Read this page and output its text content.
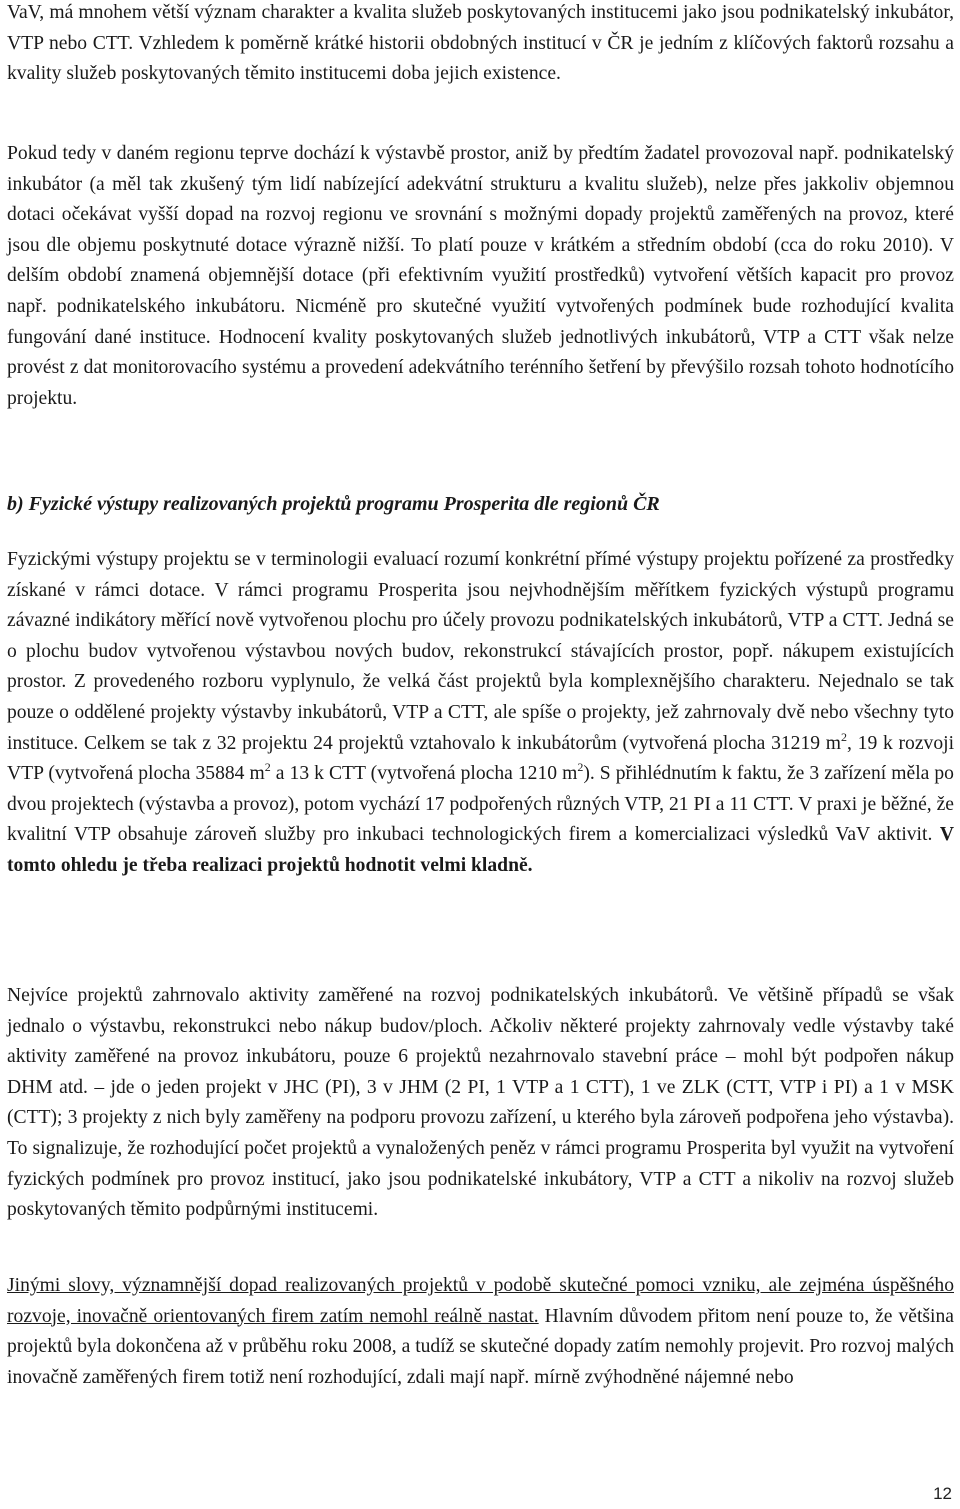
VaV, má mnohem větší význam charakter a kvalita služeb poskytovaných institucemi jako jsou podnikatelský inkubátor, VTP nebo CTT. Vzhledem k poměrně krátké historii obdobných institucí v ČR je jedním z klíčových faktorů rozsahu a kvality služeb poskytovaných těmito institucemi doba jejich existence.

Pokud tedy v daném regionu teprve dochází k výstavbě prostor, aniž by předtím žadatel provozoval např. podnikatelský inkubátor (a měl tak zkušený tým lidí nabízející adekvátní strukturu a kvalitu služeb), nelze přes jakkoliv objemnou dotaci očekávat vyšší dopad na rozvoj regionu ve srovnání s možnými dopady projektů zaměřených na provoz, které jsou dle objemu poskytnuté dotace výrazně nižší. To platí pouze v krátkém a středním období (cca do roku 2010). V delším období znamená objemnější dotace (při efektivním využití prostředků) vytvoření větších kapacit pro provoz např. podnikatelského inkubátoru. Nicméně pro skutečné využití vytvořených podmínek bude rozhodující kvalita fungování dané instituce. Hodnocení kvality poskytovaných služeb jednotlivých inkubátorů, VTP a CTT však nelze provést z dat monitorovacího systému a provedení adekvátního terénního šetření by převýšilo rozsah tohoto hodnotícího projektu.

b) Fyzické výstupy realizovaných projektů programu Prosperita dle regionů ČR

Fyzickými výstupy projektu se v terminologii evaluací rozumí konkrétní přímé výstupy projektu pořízené za prostředky získané v rámci dotace. V rámci programu Prosperita jsou nejvhodnějším měřítkem fyzických výstupů programu závazné indikátory měřící nově vytvořenou plochu pro účely provozu podnikatelských inkubátorů, VTP a CTT. Jedná se o plochu budov vytvořenou výstavbou nových budov, rekonstrukcí stávajících prostor, popř. nákupem existujících prostor. Z provedeného rozboru vyplynulo, že velká část projektů byla komplexnějšího charakteru. Nejednalo se tak pouze o oddělené projekty výstavby inkubátorů, VTP a CTT, ale spíše o projekty, jež zahrnovaly dvě nebo všechny tyto instituce. Celkem se tak z 32 projektu 24 projektů vztahovalo k inkubátorům (vytvořená plocha 31219 $m^2$, 19 k rozvoji VTP (vytvořená plocha 35884 $m^2$ a 13 k CTT (vytvořená plocha 1210 $m^2$). S přihlédnutím k faktu, že 3 zařízení měla po dvou projektech (výstavba a provoz), potom vychází 17 podpořených různých VTP, 21 PI a 11 CTT. V praxi je běžné, že kvalitní VTP obsahuje zároveň služby pro inkubaci technologických firem a komercializaci výsledků VaV aktivit. V tomto ohledu je třeba realizaci projektů hodnotit velmi kladně.

Nejvíce projektů zahrnovalo aktivity zaměřené na rozvoj podnikatelských inkubátorů. Ve většině případů se však jednalo o výstavbu, rekonstrukci nebo nákup budov/ploch. Ačkoliv některé projekty zahrnovaly vedle výstavby také aktivity zaměřené na provoz inkubátoru, pouze 6 projektů nezahrnovalo stavební práce – mohl být podpořen nákup DHM atd. – jde o jeden projekt v JHC (PI), 3 v JHM (2 PI, 1 VTP a 1 CTT), 1 ve ZLK (CTT, VTP i PI) a 1 v MSK (CTT); 3 projekty z nich byly zaměřeny na podporu provozu zařízení, u kterého byla zároveň podpořena jeho výstavba). To signalizuje, že rozhodující počet projektů a vynaložených peněz v rámci programu Prosperita byl využit na vytvoření fyzických podmínek pro provoz institucí, jako jsou podnikatelské inkubátory, VTP a CTT a nikoliv na rozvoj služeb poskytovaných těmito podpůrnými institucemi.

Jinými slovy, významnější dopad realizovaných projektů v podobě skutečné pomoci vzniku, ale zejména úspěšného rozvoje, inovačně orientovaných firem zatím nemohl reálně nastat. Hlavním důvodem přitom není pouze to, že většina projektů byla dokončena až v průběhu roku 2008, a tudíž se skutečné dopady zatím nemohly projevit. Pro rozvoj malých inovačně zaměřených firem totiž není rozhodující, zdali mají např. mírně zvýhodněné nájemné nebo

12
